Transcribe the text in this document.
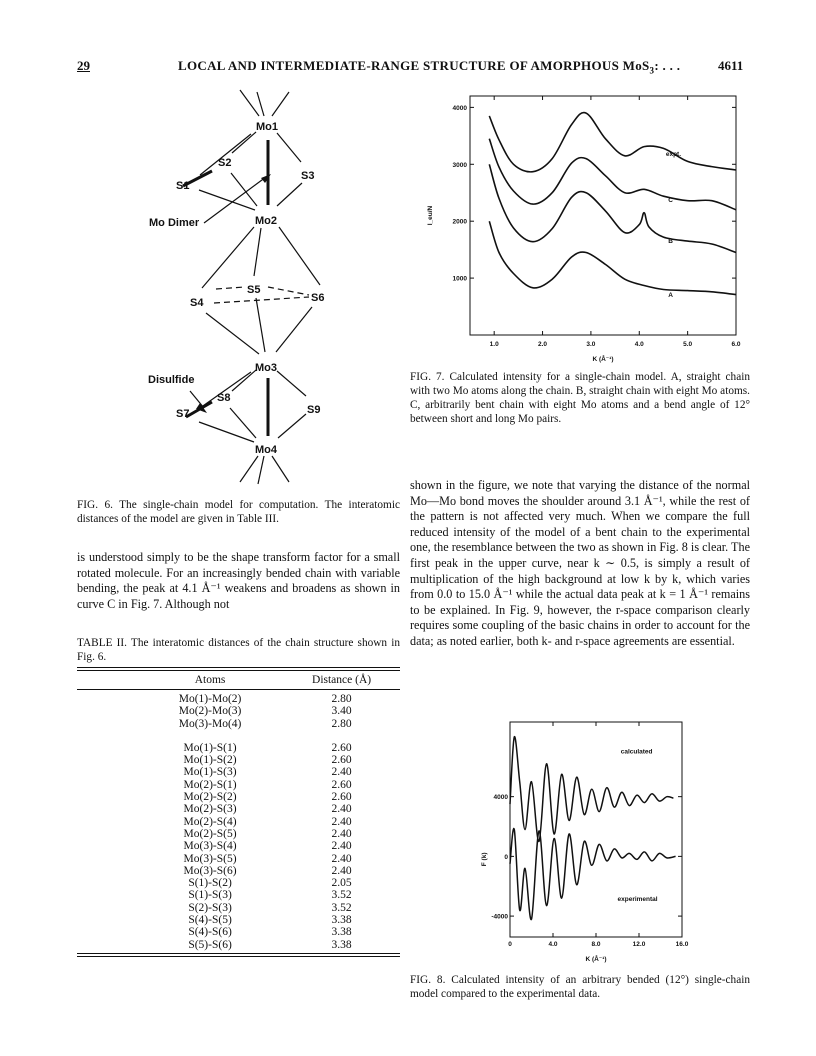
29	LOCAL AND INTERMEDIATE-RANGE STRUCTURE OF AMORPHOUS MoS$_3$: . . .	4611
Mo1
S2
S1
S3
Mo Dimer	Mo2
S5
S6
S4
Mo3
Disulfide
S8
S7	S9
Mo4
FIG. 6. The single-chain model for computation. The interatomic distances of the model are given in Table III.
is understood simply to be the shape transform factor for a small rotated molecule. For an increasingly bended chain with variable bending, the peak at 4.1 Å⁻¹ weakens and broadens as shown in curve C in Fig. 7. Although not
TABLE II. The interatomic distances of the chain structure shown in Fig. 6.
Atoms	Distance (Å)
Mo(1)-Mo(2)	2.80
Mo(2)-Mo(3)	3.40
Mo(3)-Mo(4)	2.80
Mo(1)-S(1)	2.60
Mo(1)-S(2)	2.60
Mo(1)-S(3)	2.40
Mo(2)-S(1)	2.60
Mo(2)-S(2)	2.60
Mo(2)-S(3)	2.40
Mo(2)-S(4)	2.40
Mo(2)-S(5)	2.40
Mo(3)-S(4)	2.40
Mo(3)-S(5)	2.40
Mo(3)-S(6)	2.40
S(1)-S(2)	2.05
S(1)-S(3)	3.52
S(2)-S(3)	3.52
S(4)-S(5)	3.38
S(4)-S(6)	3.38
S(5)-S(6)	3.38
1.0	2.0	3.0	4.0	5.0	6.0
1000
2000
3000
4000
K (Å⁻¹)
I_eu/N
A
B
C
expt.
FIG. 7. Calculated intensity for a single-chain model. A, straight chain with two Mo atoms along the chain. B, straight chain with eight Mo atoms. C, arbitrarily bent chain with eight Mo atoms and a bend angle of 12° between short and long Mo pairs.
shown in the figure, we note that varying the distance of the normal Mo—Mo bond moves the shoulder around 3.1 Å⁻¹, while the rest of the pattern is not affected very much. When we compare the full reduced intensity of the model of a bent chain to the experimental one, the resemblance between the two as shown in Fig. 8 is clear. The first peak in the upper curve, near k ∼ 0.5, is simply a result of multiplication of the high background at low k by k, which varies from 0.0 to 15.0 Å⁻¹ while the actual data peak at k = 1 Å⁻¹ remains to be explained. In Fig. 9, however, the r-space comparison clearly requires some coupling of the basic chains in order to account for the data; as noted earlier, both k- and r-space agreements are essential.
0	4.0	8.0	12.0	16.0
-4000
0
4000
K (Å⁻¹)
F (k)
calculated
experimental
FIG. 8. Calculated intensity of an arbitrary bended (12°) single-chain model compared to the experimental data.
